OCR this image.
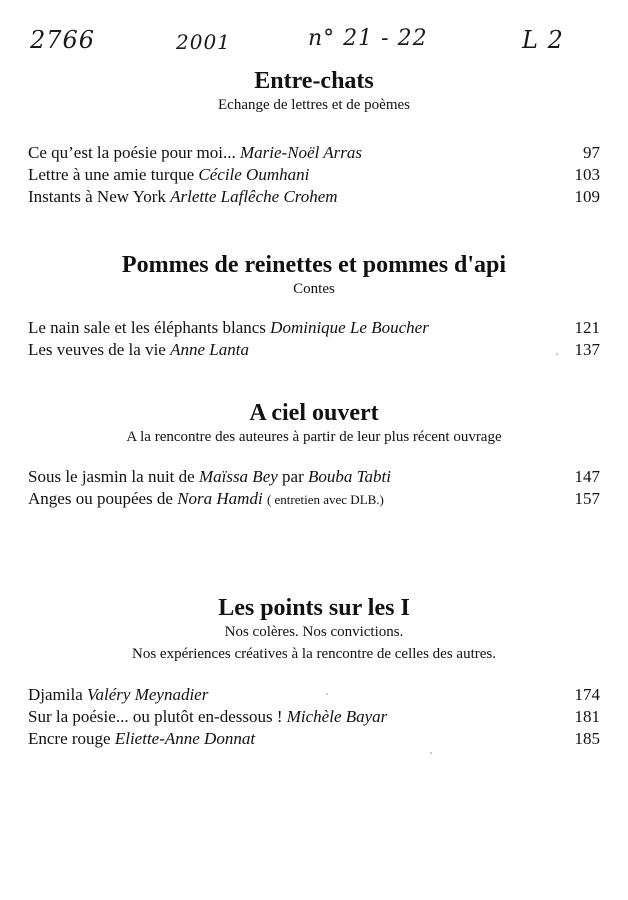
2766	2001	n° 21 - 22	L 2
Entre-chats

Echange de lettres et de poèmes

Ce qu’est la poésie pour moi... Marie-Noël Arras	97
Lettre à une amie turque Cécile Oumhani	103
Instants à New York Arlette Laflêche Crohem	109
Pommes de reinettes et pommes d'api

Contes

Le nain sale et les éléphants blancs Dominique Le Boucher	121
Les veuves de la vie Anne Lanta	137
A ciel ouvert

A la rencontre des auteures à partir de leur plus récent ouvrage

Sous le jasmin la nuit de Maïssa Bey par Bouba Tabti	147
Anges ou poupées de Nora Hamdi ( entretien avec DLB.)	157
Les points sur les I

Nos colères. Nos convictions.

Nos expériences créatives à la rencontre de celles des autres.

Djamila Valéry Meynadier	174
Sur la poésie... ou plutôt en-dessous ! Michèle Bayar	181
Encre rouge Eliette-Anne Donnat	185
